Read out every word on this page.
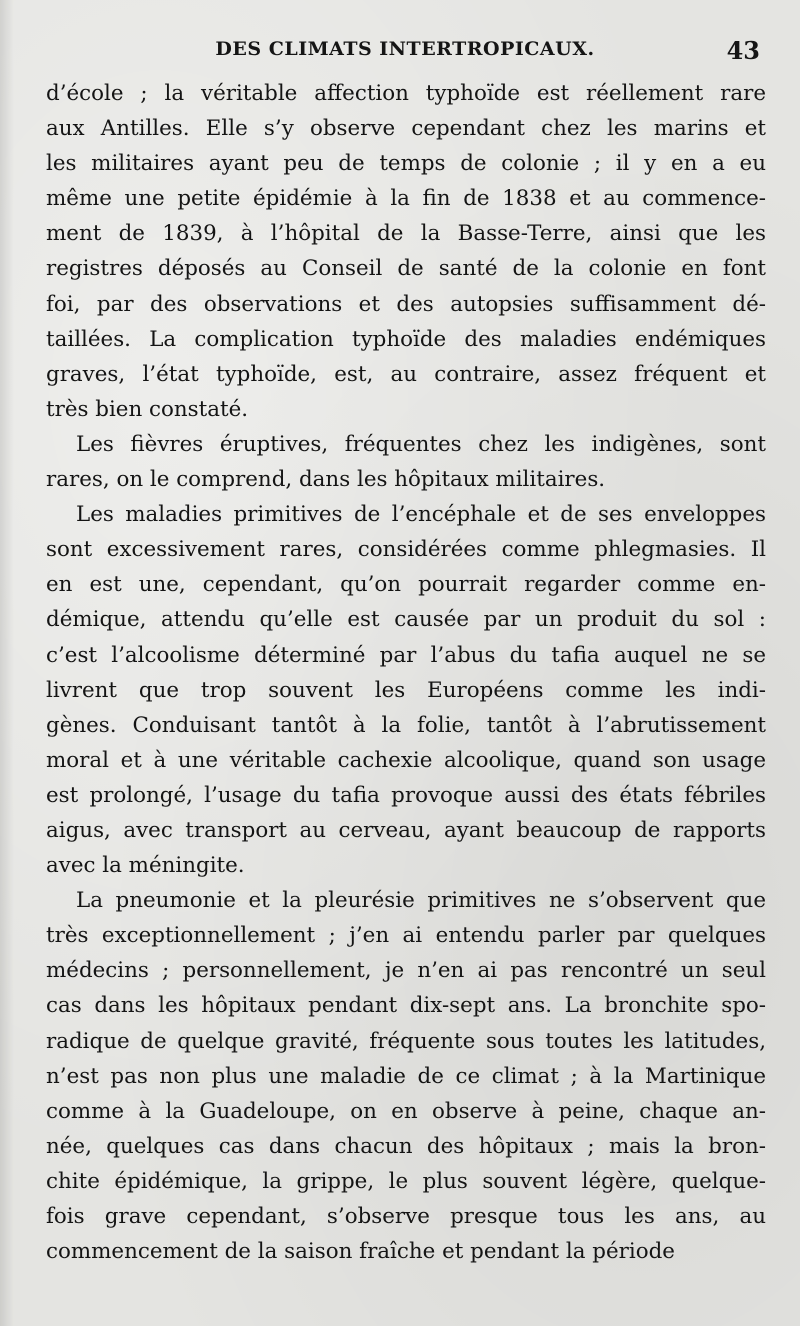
DES CLIMATS INTERTROPICAUX.	43
d’école ; la véritable affection typhoïde est réellement rare
aux Antilles. Elle s’y observe cependant chez les marins et
les militaires ayant peu de temps de colonie ; il y en a eu
même une petite épidémie à la fin de 1838 et au commence-
ment de 1839, à l’hôpital de la Basse-Terre, ainsi que les
registres déposés au Conseil de santé de la colonie en font
foi, par des observations et des autopsies suffisamment dé-
taillées. La complication typhoïde des maladies endémiques
graves, l’état typhoïde, est, au contraire, assez fréquent et
très bien constaté.
Les fièvres éruptives, fréquentes chez les indigènes, sont
rares, on le comprend, dans les hôpitaux militaires.
Les maladies primitives de l’encéphale et de ses enveloppes
sont excessivement rares, considérées comme phlegmasies. Il
en est une, cependant, qu’on pourrait regarder comme en-
démique, attendu qu’elle est causée par un produit du sol :
c’est l’alcoolisme déterminé par l’abus du tafia auquel ne se
livrent que trop souvent les Européens comme les indi-
gènes. Conduisant tantôt à la folie, tantôt à l’abrutissement
moral et à une véritable cachexie alcoolique, quand son usage
est prolongé, l’usage du tafia provoque aussi des états fébriles
aigus, avec transport au cerveau, ayant beaucoup de rapports
avec la méningite.
La pneumonie et la pleurésie primitives ne s’observent que
très exceptionnellement ; j’en ai entendu parler par quelques
médecins ; personnellement, je n’en ai pas rencontré un seul
cas dans les hôpitaux pendant dix-sept ans. La bronchite spo-
radique de quelque gravité, fréquente sous toutes les latitudes,
n’est pas non plus une maladie de ce climat ; à la Martinique
comme à la Guadeloupe, on en observe à peine, chaque an-
née, quelques cas dans chacun des hôpitaux ; mais la bron-
chite épidémique, la grippe, le plus souvent légère, quelque-
fois grave cependant, s’observe presque tous les ans, au
commencement de la saison fraîche et pendant la période
